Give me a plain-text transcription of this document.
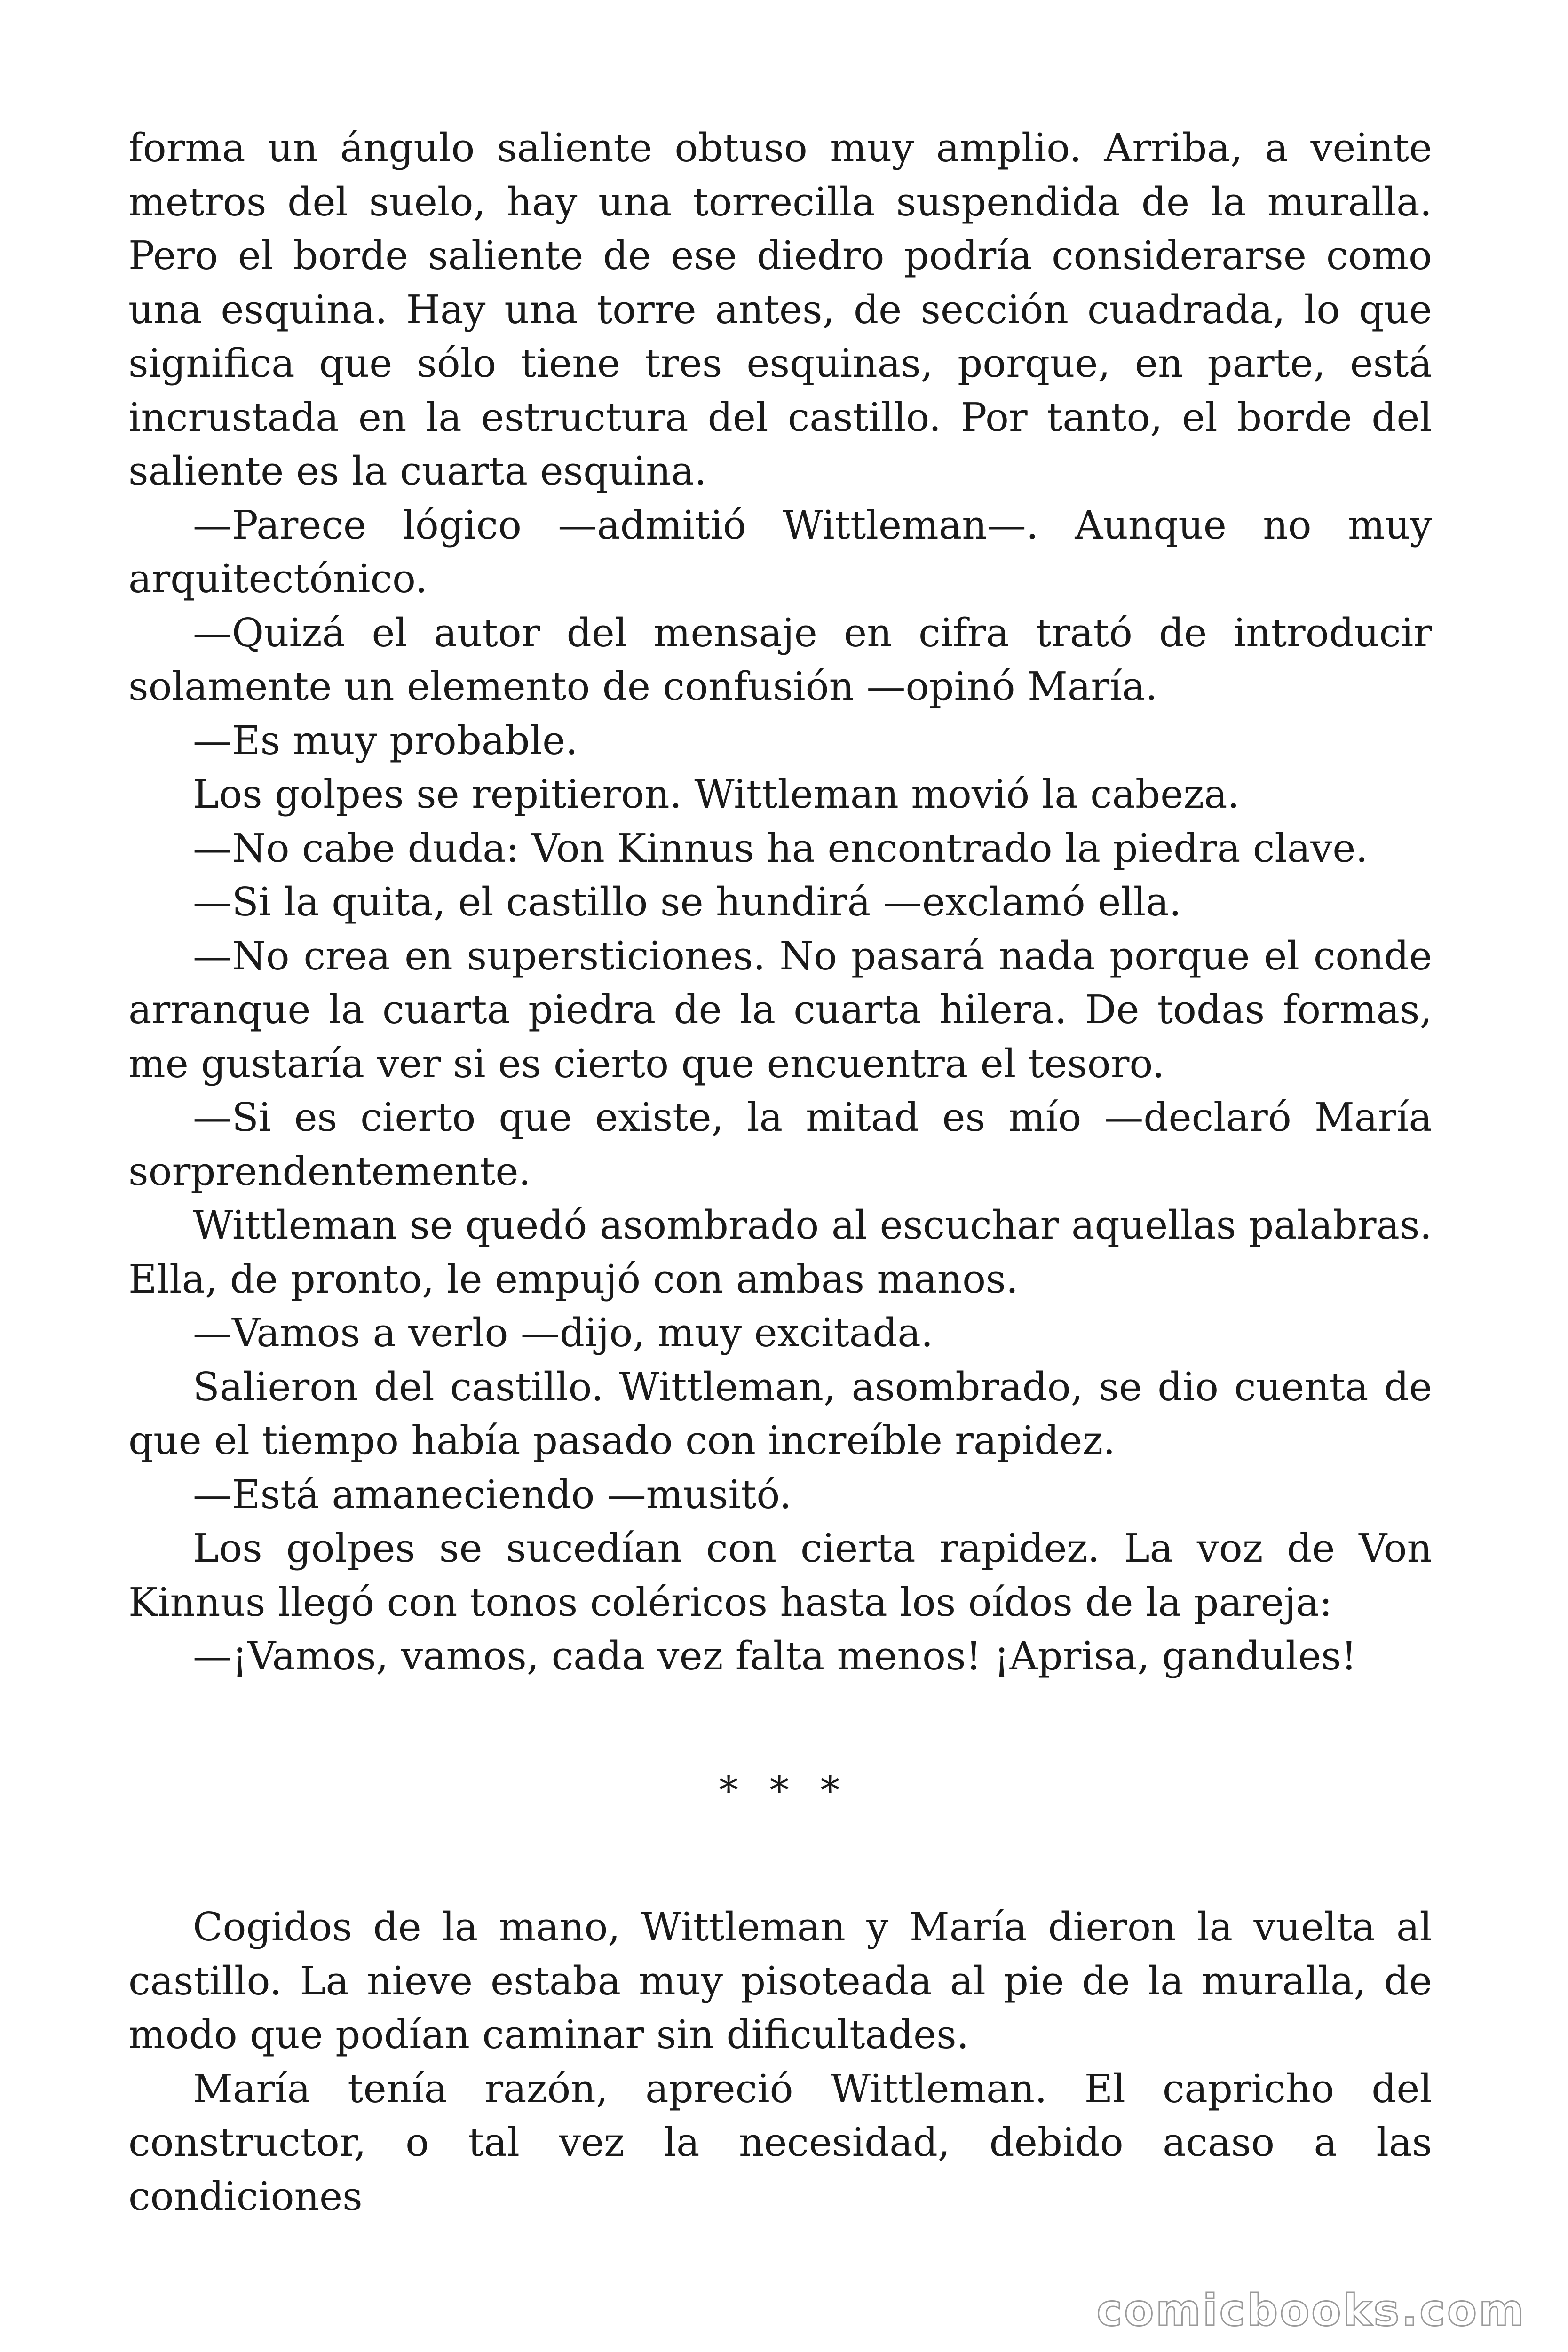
forma un ángulo saliente obtuso muy amplio. Arriba, a veinte metros del suelo, hay una torrecilla suspendida de la muralla. Pero el borde saliente de ese diedro podría considerarse como una esquina. Hay una torre antes, de sección cuadrada, lo que significa que sólo tiene tres esquinas, porque, en parte, está incrustada en la estructura del castillo. Por tanto, el borde del saliente es la cuarta esquina.

—Parece lógico —admitió Wittleman—. Aunque no muy arquitectónico.

—Quizá el autor del mensaje en cifra trató de introducir solamente un elemento de confusión —opinó María.

—Es muy probable.

Los golpes se repitieron. Wittleman movió la cabeza.

—No cabe duda: Von Kinnus ha encontrado la piedra clave.

—Si la quita, el castillo se hundirá —exclamó ella.

—No crea en supersticiones. No pasará nada porque el conde arranque la cuarta piedra de la cuarta hilera. De todas formas, me gustaría ver si es cierto que encuentra el tesoro.

—Si es cierto que existe, la mitad es mío —declaró María sorprendentemente.

Wittleman se quedó asombrado al escuchar aquellas palabras. Ella, de pronto, le empujó con ambas manos.

—Vamos a verlo —dijo, muy excitada.

Salieron del castillo. Wittleman, asombrado, se dio cuenta de que el tiempo había pasado con increíble rapidez.

—Está amaneciendo —musitó.

Los golpes se sucedían con cierta rapidez. La voz de Von Kinnus llegó con tonos coléricos hasta los oídos de la pareja:

—¡Vamos, vamos, cada vez falta menos! ¡Aprisa, gandules!

* * *

Cogidos de la mano, Wittleman y María dieron la vuelta al castillo. La nieve estaba muy pisoteada al pie de la muralla, de modo que podían caminar sin dificultades.

María tenía razón, apreció Wittleman. El capricho del constructor, o tal vez la necesidad, debido acaso a las condiciones

comicbooks.com
